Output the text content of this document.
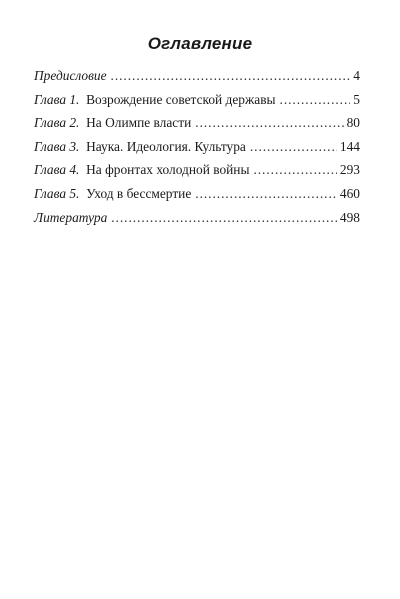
Оглавление
Предисловие . . .	4
Глава 1.  Возрождение советской державы . . .	5
Глава 2.  На Олимпе власти . . .	80
Глава 3.  Наука. Идеология. Культура . . .	144
Глава 4.  На фронтах холодной войны . . .	293
Глава 5.  Уход в бессмертие . . .	460
Литература . . .	498
